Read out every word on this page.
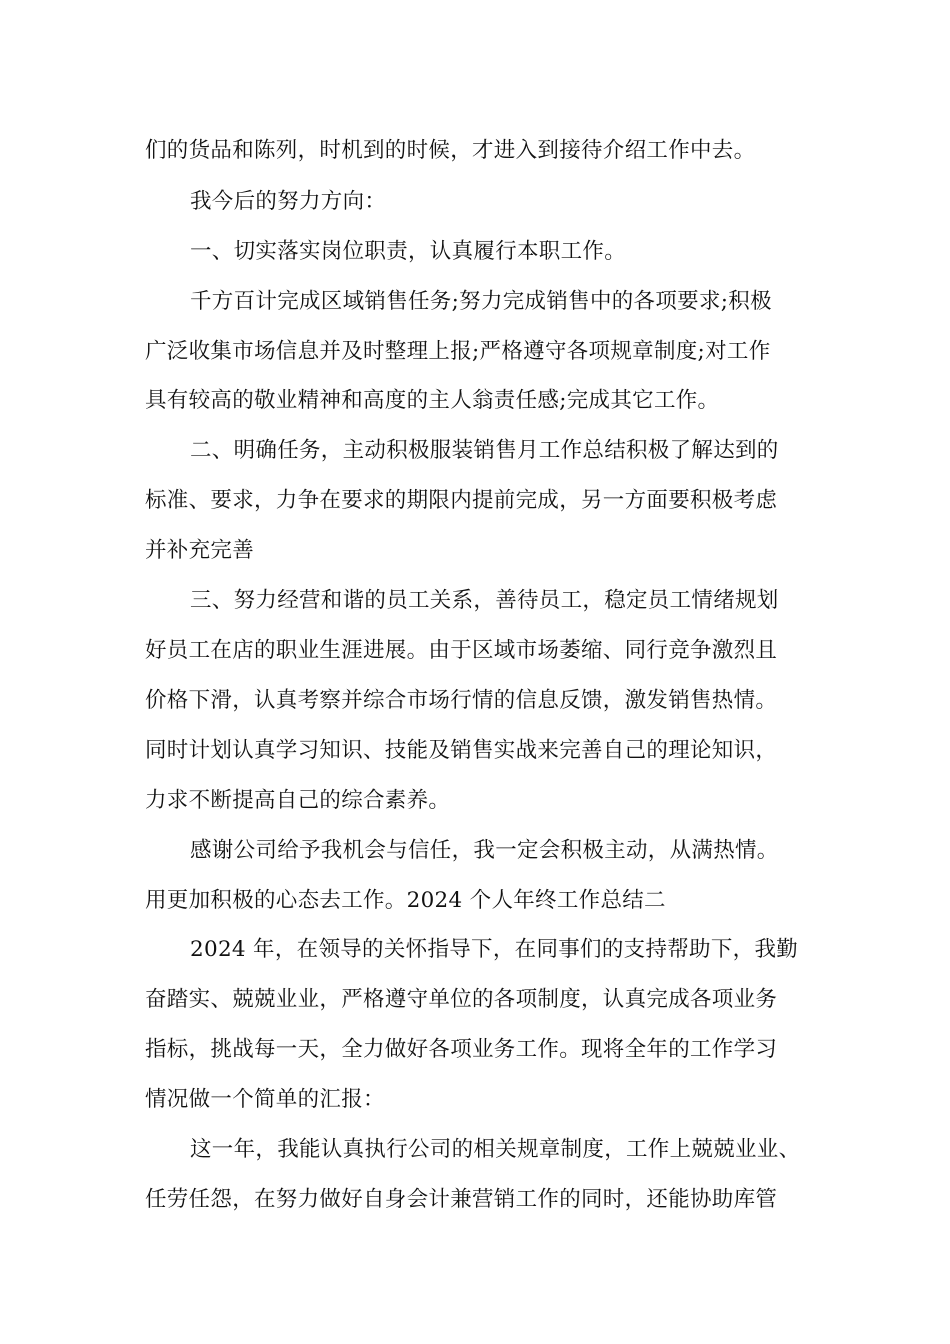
们的货品和陈列，时机到的时候，才进入到接待介绍工作中去。
我今后的努力方向：
一、切实落实岗位职责，认真履行本职工作。
千方百计完成区域销售任务;努力完成销售中的各项要求;积极
广泛收集市场信息并及时整理上报;严格遵守各项规章制度;对工作
具有较高的敬业精神和高度的主人翁责任感;完成其它工作。
二、明确任务，主动积极服装销售月工作总结积极了解达到的
标准、要求，力争在要求的期限内提前完成，另一方面要积极考虑
并补充完善
三、努力经营和谐的员工关系，善待员工，稳定员工情绪规划
好员工在店的职业生涯进展。由于区域市场萎缩、同行竞争激烈且
价格下滑，认真考察并综合市场行情的信息反馈，激发销售热情。
同时计划认真学习知识、技能及销售实战来完善自己的理论知识，
力求不断提高自己的综合素养。
感谢公司给予我机会与信任，我一定会积极主动，从满热情。
用更加积极的心态去工作。2024 个人年终工作总结二
2024 年，在领导的关怀指导下，在同事们的支持帮助下，我勤
奋踏实、兢兢业业，严格遵守单位的各项制度，认真完成各项业务
指标，挑战每一天，全力做好各项业务工作。现将全年的工作学习
情况做一个简单的汇报：
这一年，我能认真执行公司的相关规章制度，工作上兢兢业业、
任劳任怨，在努力做好自身会计兼营销工作的同时，还能协助库管
